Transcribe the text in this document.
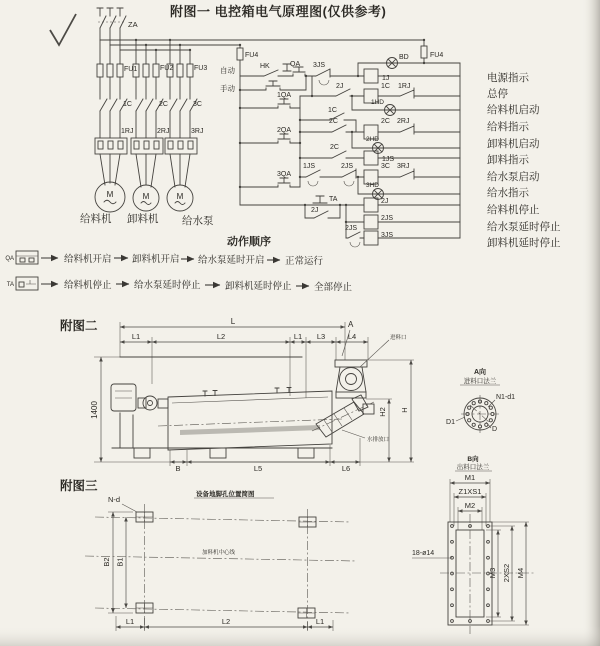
附图一 电控箱电气原理图(仅供参考)
ZA
FU1	FU2	FU3
1C	2C	3C
1RJ	2RJ	3RJ
M	M	M
给料机 卸料机 给水泵
FU4	FU4
BD
自动
手动
HK	QA 3JS
1J
2J	1C 1RJ
1HD
1QA
1C
2QA
2C	2C 2RJ
2HD
2C
1JS
3QA
1JS	2JS	3C 3RJ
3HD
TA	2J
2J
2JS
2JS
3JS
电源指示
总停
给料机启动
给料指示
卸料机启动
卸料指示
给水泵启动
给水指示
给料机停止
给水泵延时停止
卸料机延时停止
动作顺序
QA	给料机开启 卸料机开启 给水泵延时开启 正常运行
TA	给料机停止 给水泵延时停止	卸料机延时停止 全部停止
附图二	L
L1	L2	L1 L3	L4
A
1400	H2 H
B	L5	L6
进料口
水排放口
A向
进料口法兰
N1-d1
D1
D
附图三
设备地脚孔位置简图
加料机中心线
N-d
B2 B1
L1	L2	L1
B向
出料口法兰
M1
Z1XS1
M2
18-ø14
M3 2XS2 M4
